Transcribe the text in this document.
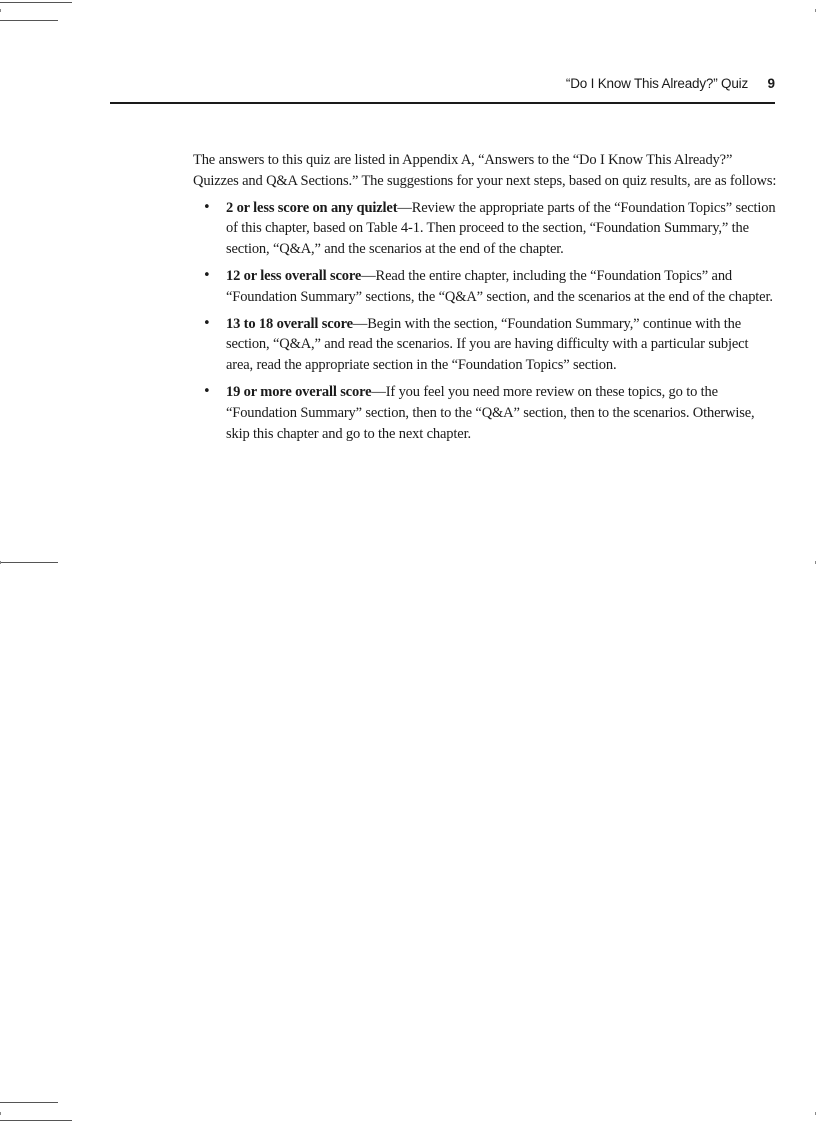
“Do I Know This Already?” Quiz 9

The answers to this quiz are listed in Appendix A, “Answers to the “Do I Know This Already?” Quizzes and Q&A Sections.” The suggestions for your next steps, based on quiz results, are as follows:

• 2 or less score on any quizlet—Review the appropriate parts of the “Foundation Topics” section of this chapter, based on Table 4-1. Then proceed to the section, “Foundation Summary,” the section, “Q&A,” and the scenarios at the end of the chapter.
• 12 or less overall score—Read the entire chapter, including the “Foundation Topics” and “Foundation Summary” sections, the “Q&A” section, and the scenarios at the end of the chapter.
• 13 to 18 overall score—Begin with the section, “Foundation Summary,” continue with the section, “Q&A,” and read the scenarios. If you are having difficulty with a particular subject area, read the appropriate section in the “Foundation Topics” section.
• 19 or more overall score—If you feel you need more review on these topics, go to the “Foundation Summary” section, then to the “Q&A” section, then to the scenarios. Otherwise, skip this chapter and go to the next chapter.
